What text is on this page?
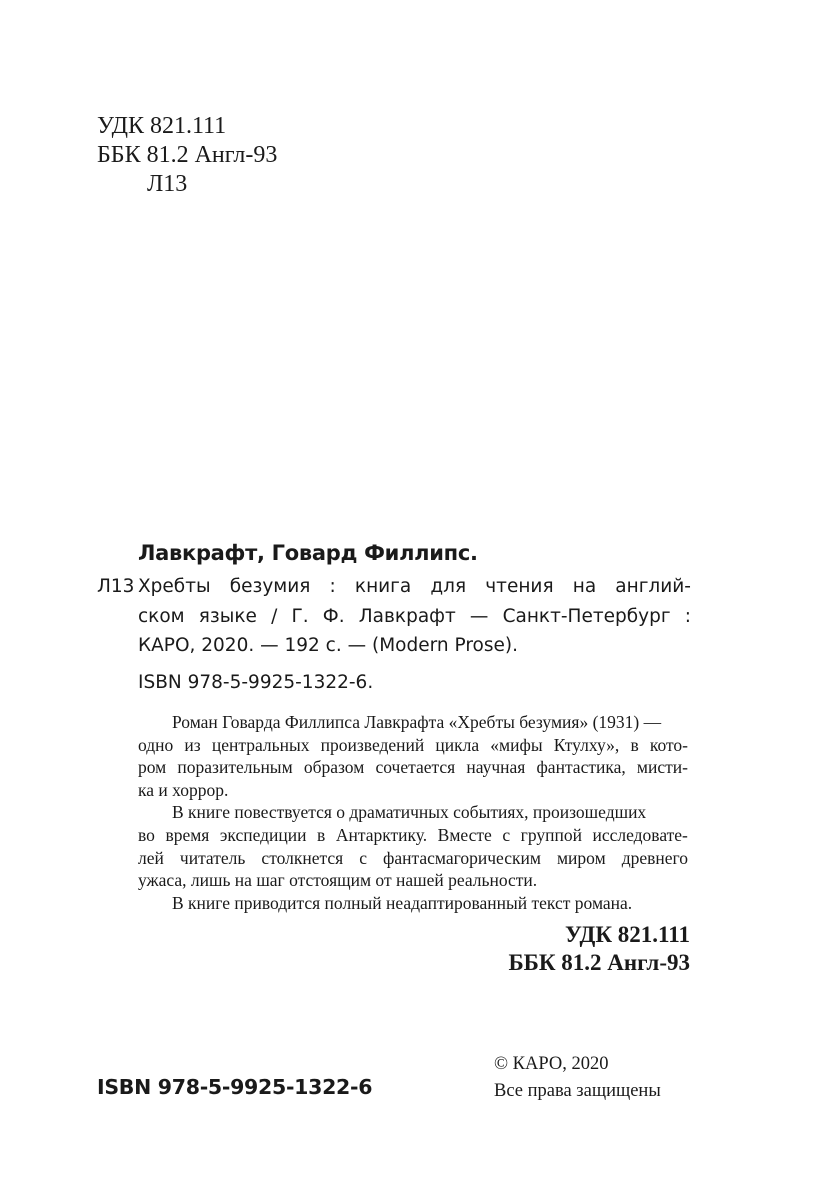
УДК 821.111
ББК 81.2 Англ-93
Л13
Лавкрафт, Говард Филлипс.
Л13 Хребты безумия : книга для чтения на англий-
ском языке / Г. Ф. Лавкрафт — Санкт-Петербург :
КАРО, 2020. — 192 с. — (Modern Prose).
ISBN 978-5-9925-1322-6.
Роман Говарда Филлипса Лавкрафта «Хребты безумия» (1931) —
одно из центральных произведений цикла «мифы Ктулху», в кото-
ром поразительным образом сочетается научная фантастика, мисти-
ка и хоррор.
В книге повествуется о драматичных событиях, произошедших
во время экспедиции в Антарктику. Вместе с группой исследовате-
лей читатель столкнется с фантасмагорическим миром древнего
ужаса, лишь на шаг отстоящим от нашей реальности.
В книге приводится полный неадаптированный текст романа.
УДК 821.111
ББК 81.2 Англ-93
© КАРО, 2020
Все права защищены
ISBN 978-5-9925-1322-6
